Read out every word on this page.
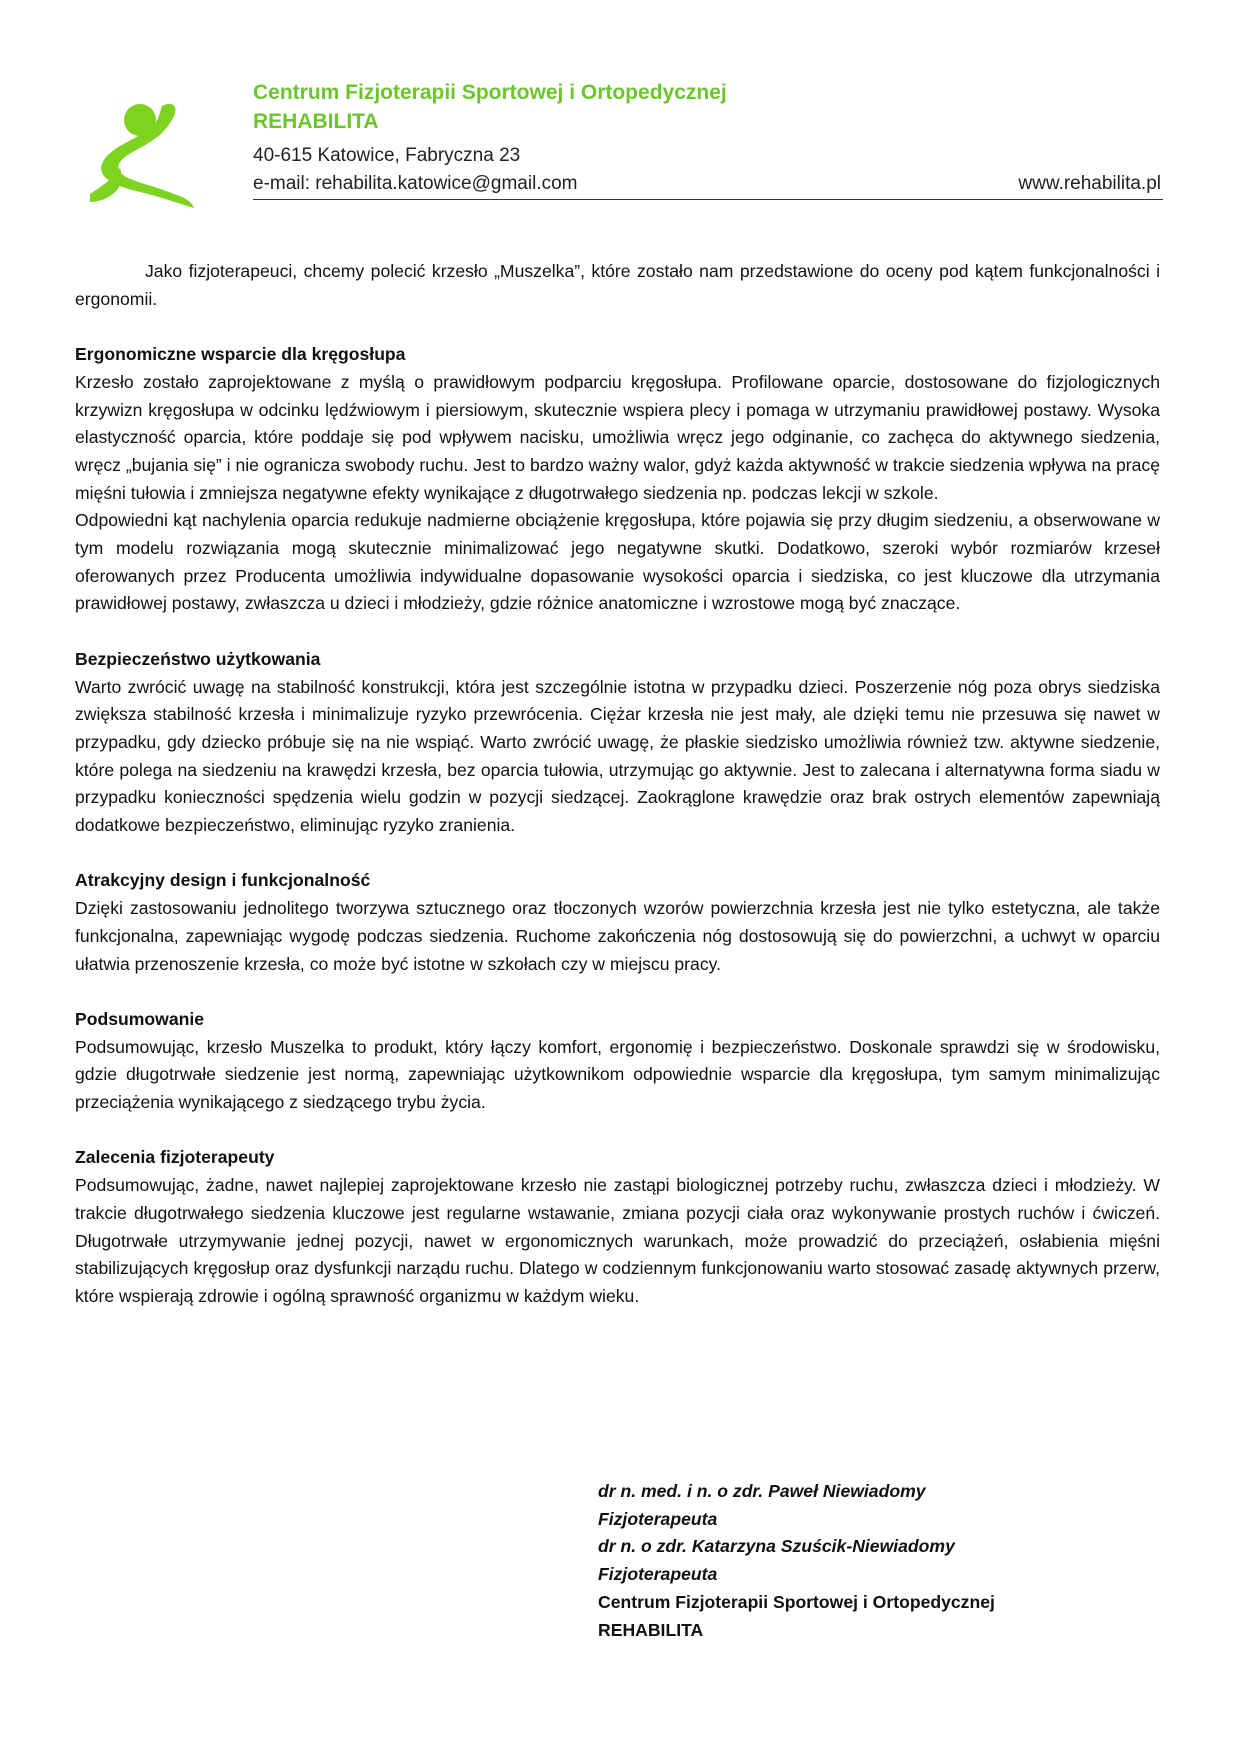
Centrum Fizjoterapii Sportowej i Ortopedycznej
REHABILITA
40-615 Katowice, Fabryczna 23
e-mail: rehabilita.katowice@gmail.com	www.rehabilita.pl

Jako fizjoterapeuci, chcemy polecić krzesło „Muszelka”, które zostało nam przedstawione do oceny pod kątem funkcjonalności i ergonomii.

Ergonomiczne wsparcie dla kręgosłupa

Krzesło zostało zaprojektowane z myślą o prawidłowym podparciu kręgosłupa. Profilowane oparcie, dostosowane do fizjologicznych krzywizn kręgosłupa w odcinku lędźwiowym i piersiowym, skutecznie wspiera plecy i pomaga w utrzymaniu prawidłowej postawy. Wysoka elastyczność oparcia, które poddaje się pod wpływem nacisku, umożliwia wręcz jego odginanie, co zachęca do aktywnego siedzenia, wręcz „bujania się” i nie ogranicza swobody ruchu. Jest to bardzo ważny walor, gdyż każda aktywność w trakcie siedzenia wpływa na pracę mięśni tułowia i zmniejsza negatywne efekty wynikające z długotrwałego siedzenia np. podczas lekcji w szkole.

Odpowiedni kąt nachylenia oparcia redukuje nadmierne obciążenie kręgosłupa, które pojawia się przy długim siedzeniu, a obserwowane w tym modelu rozwiązania mogą skutecznie minimalizować jego negatywne skutki. Dodatkowo, szeroki wybór rozmiarów krzeseł oferowanych przez Producenta umożliwia indywidualne dopasowanie wysokości oparcia i siedziska, co jest kluczowe dla utrzymania prawidłowej postawy, zwłaszcza u dzieci i młodzieży, gdzie różnice anatomiczne i wzrostowe mogą być znaczące.

Bezpieczeństwo użytkowania

Warto zwrócić uwagę na stabilność konstrukcji, która jest szczególnie istotna w przypadku dzieci. Poszerzenie nóg poza obrys siedziska zwiększa stabilność krzesła i minimalizuje ryzyko przewrócenia. Ciężar krzesła nie jest mały, ale dzięki temu nie przesuwa się nawet w przypadku, gdy dziecko próbuje się na nie wspiąć. Warto zwrócić uwagę, że płaskie siedzisko umożliwia również tzw. aktywne siedzenie, które polega na siedzeniu na krawędzi krzesła, bez oparcia tułowia, utrzymując go aktywnie. Jest to zalecana i alternatywna forma siadu w przypadku konieczności spędzenia wielu godzin w pozycji siedzącej. Zaokrąglone krawędzie oraz brak ostrych elementów zapewniają dodatkowe bezpieczeństwo, eliminując ryzyko zranienia.

Atrakcyjny design i funkcjonalność

Dzięki zastosowaniu jednolitego tworzywa sztucznego oraz tłoczonych wzorów powierzchnia krzesła jest nie tylko estetyczna, ale także funkcjonalna, zapewniając wygodę podczas siedzenia. Ruchome zakończenia nóg dostosowują się do powierzchni, a uchwyt w oparciu ułatwia przenoszenie krzesła, co może być istotne w szkołach czy w miejscu pracy.

Podsumowanie

Podsumowując, krzesło Muszelka to produkt, który łączy komfort, ergonomię i bezpieczeństwo. Doskonale sprawdzi się w środowisku, gdzie długotrwałe siedzenie jest normą, zapewniając użytkownikom odpowiednie wsparcie dla kręgosłupa, tym samym minimalizując przeciążenia wynikającego z siedzącego trybu życia.

Zalecenia fizjoterapeuty

Podsumowując, żadne, nawet najlepiej zaprojektowane krzesło nie zastąpi biologicznej potrzeby ruchu, zwłaszcza dzieci i młodzieży. W trakcie długotrwałego siedzenia kluczowe jest regularne wstawanie, zmiana pozycji ciała oraz wykonywanie prostych ruchów i ćwiczeń. Długotrwałe utrzymywanie jednej pozycji, nawet w ergonomicznych warunkach, może prowadzić do przeciążeń, osłabienia mięśni stabilizujących kręgosłup oraz dysfunkcji narządu ruchu. Dlatego w codziennym funkcjonowaniu warto stosować zasadę aktywnych przerw, które wspierają zdrowie i ogólną sprawność organizmu w każdym wieku.

dr n. med. i n. o zdr. Paweł Niewiadomy
Fizjoterapeuta
dr n. o zdr. Katarzyna Szuścik-Niewiadomy
Fizjoterapeuta
Centrum Fizjoterapii Sportowej i Ortopedycznej
REHABILITA
